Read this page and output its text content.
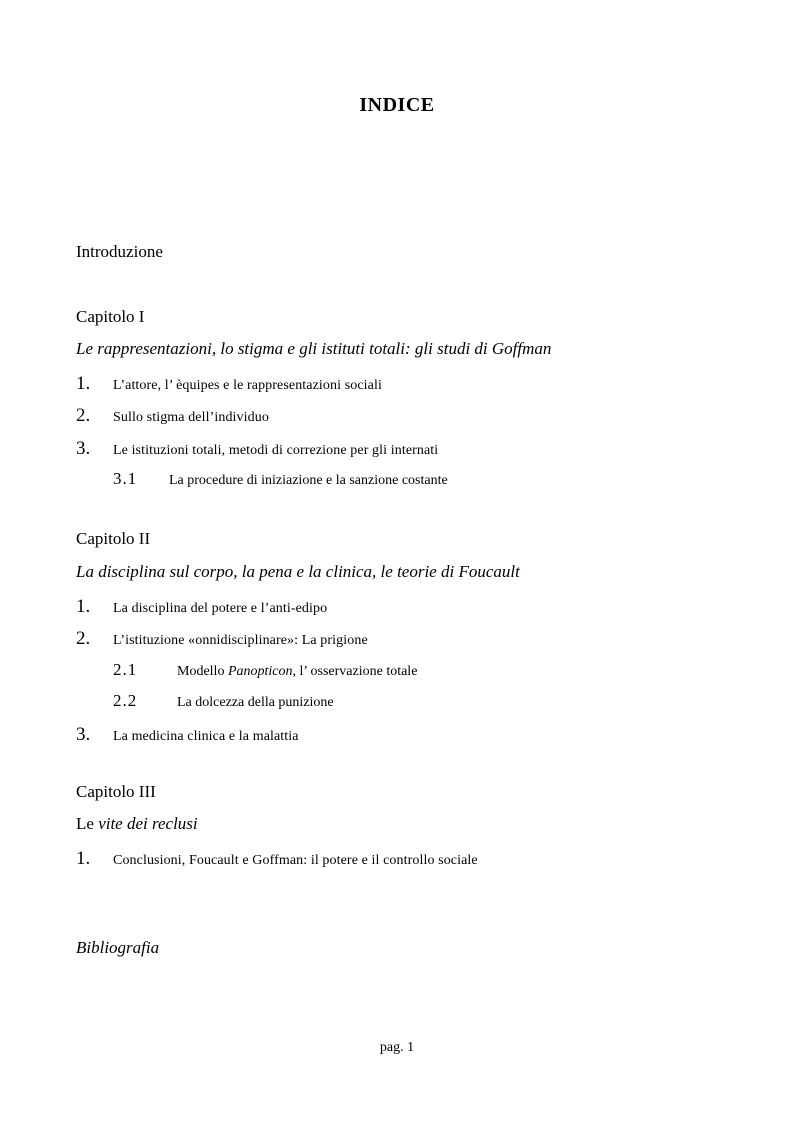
INDICE
Introduzione
Capitolo I
Le rappresentazioni, lo stigma e gli istituti totali: gli studi di Goffman
1.	L’attore, l’ èquipes e le rappresentazioni sociali
2.	Sullo stigma dell’individuo
3.	Le istituzioni totali, metodi di correzione per gli internati
3.1	La procedure di iniziazione e la sanzione costante
Capitolo II
La disciplina sul corpo, la pena e la clinica, le teorie di Foucault
1.	La disciplina del potere e l’anti-edipo
2.	L’istituzione «onnidisciplinare»: La prigione
2.1	Modello Panopticon, l’ osservazione totale
2.2	La dolcezza della punizione
3.	La medicina clinica e la malattia
Capitolo III
Le vite dei reclusi
1.	Conclusioni, Foucault e Goffman: il potere e il controllo sociale
Bibliografia
pag. 1
